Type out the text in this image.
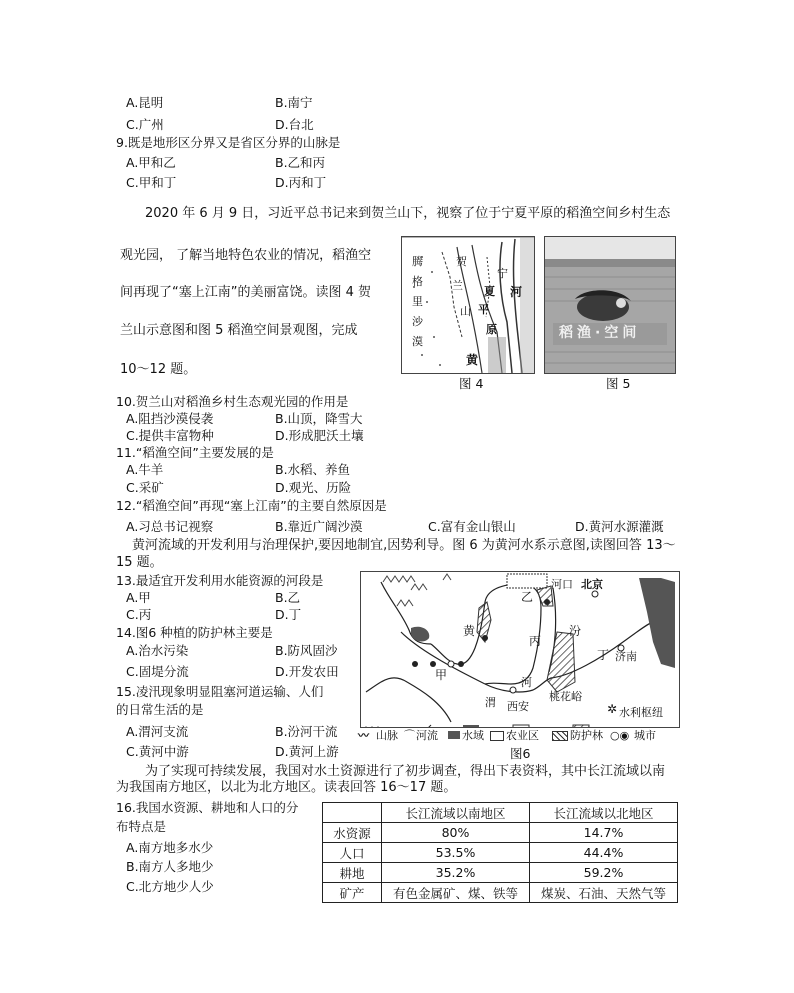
A.昆明	B.南宁
C.广州	D.台北
9.既是地形区分界又是省区分界的山脉是
A.甲和乙	B.乙和丙
C.甲和丁	D.丙和丁
2020 年 6 月 9 日，习近平总书记来到贺兰山下，视察了位于宁夏平原的稻渔空间乡村生态
观光园， 了解当地特色农业的情况，稻渔空
间再现了“塞上江南”的美丽富饶。读图 4 贺
兰山示意图和图 5 稻渔空间景观图，完成
10～12 题。
腾
格
里
沙
漠
贺
兰
山
宁
夏
平
原
河
黄
图 4
稻渔·空间
图 5
10.贺兰山对稻渔乡村生态观光园的作用是
A.阻挡沙漠侵袭	B.山顶，降雪大
C.提供丰富物种	D.形成肥沃土壤
11.“稻渔空间”主要发展的是
A.牛羊	B.水稻、养鱼
C.采矿	D.观光、历险
12.“稻渔空间”再现“塞上江南”的主要自然原因是
A.习总书记视察	B.靠近广阔沙漠	C.富有金山银山	D.黄河水源灌溉
黄河流域的开发利用与治理保护,要因地制宜,因势利导。图 6 为黄河水系示意图,读图回答 13～
15 题。
13.最适宜开发利用水能资源的河段是
A.甲	B.乙
C.丙	D.丁
14.图6 种植的防护林主要是
A.治水污染	B.防风固沙
C.固堤分流	D.开发农田
15.凌汛现象明显阻塞河道运输、人们
的日常生活的是
A.渭河支流	B.汾河干流
C.黄河中游	D.黄河上游
河口 北京
乙
汾
黄
丙
丁 济南
甲
河
渭 西安
桃花峪
水利枢纽
✲
〰 山脉 ⌒ 河流 水域 农业区	防护林 ○◉ 城市
图6
为了实现可持续发展，我国对水土资源进行了初步调查，得出下表资料，其中长江流域以南
为我国南方地区，以北为北方地区。读表回答 16～17 题。
16.我国水资源、耕地和人口的分
布特点是
A.南方地多水少
B.南方人多地少
C.北方地少人少
	长江流域以南地区	长江流域以北地区
水资源	80%	14.7%
人口	53.5%	44.4%
耕地	35.2%	59.2%
矿产	有色金属矿、煤、铁等	煤炭、石油、天然气等
